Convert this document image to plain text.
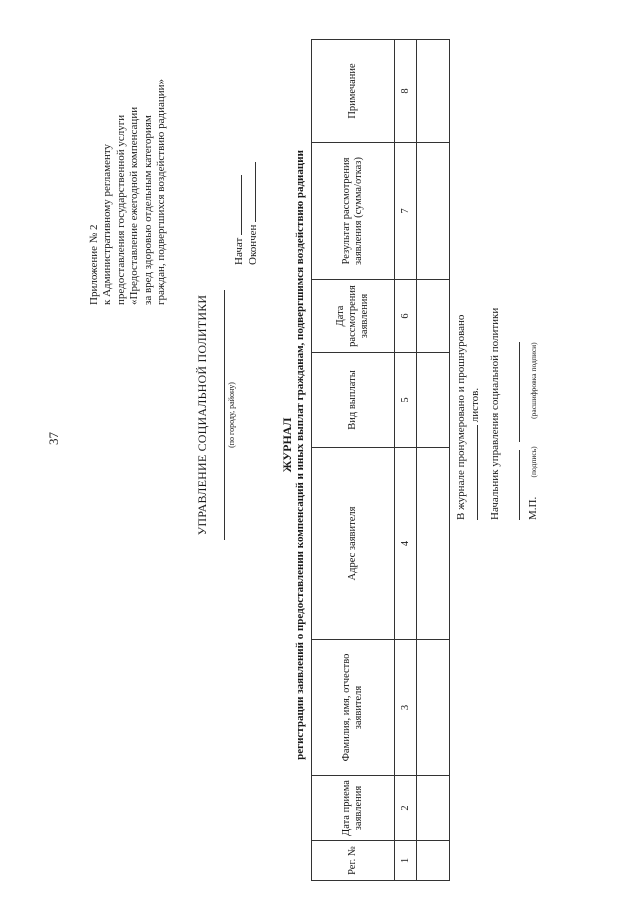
37
Приложение № 2 к Административному регламенту предоставления государственной услуги «Предоставление ежегодной компенсации за вред здоровью отдельным категориям граждан, подвергшихся воздействию радиации»
УПРАВЛЕНИЕ СОЦИАЛЬНОЙ ПОЛИТИКИ (по городу, району)
Начат Окончен
ЖУРНАЛ регистрации заявлений о предоставлении компенсаций и иных выплат гражданам, подвергшимся воздействию радиации
Рег. №	Дата приема заявления	Фамилия, имя, отчество заявителя	Адрес заявителя	Вид выплаты	Дата рассмотрения заявления	Результат рассмотрения заявления (сумма/отказ)	Примечание
1	2	3	4	5	6	7	8

В журнале пронумеровано и прошнуровано листов. Начальник управления социальной политики
М.П.       (подпись)          (расшифровка подписи)
